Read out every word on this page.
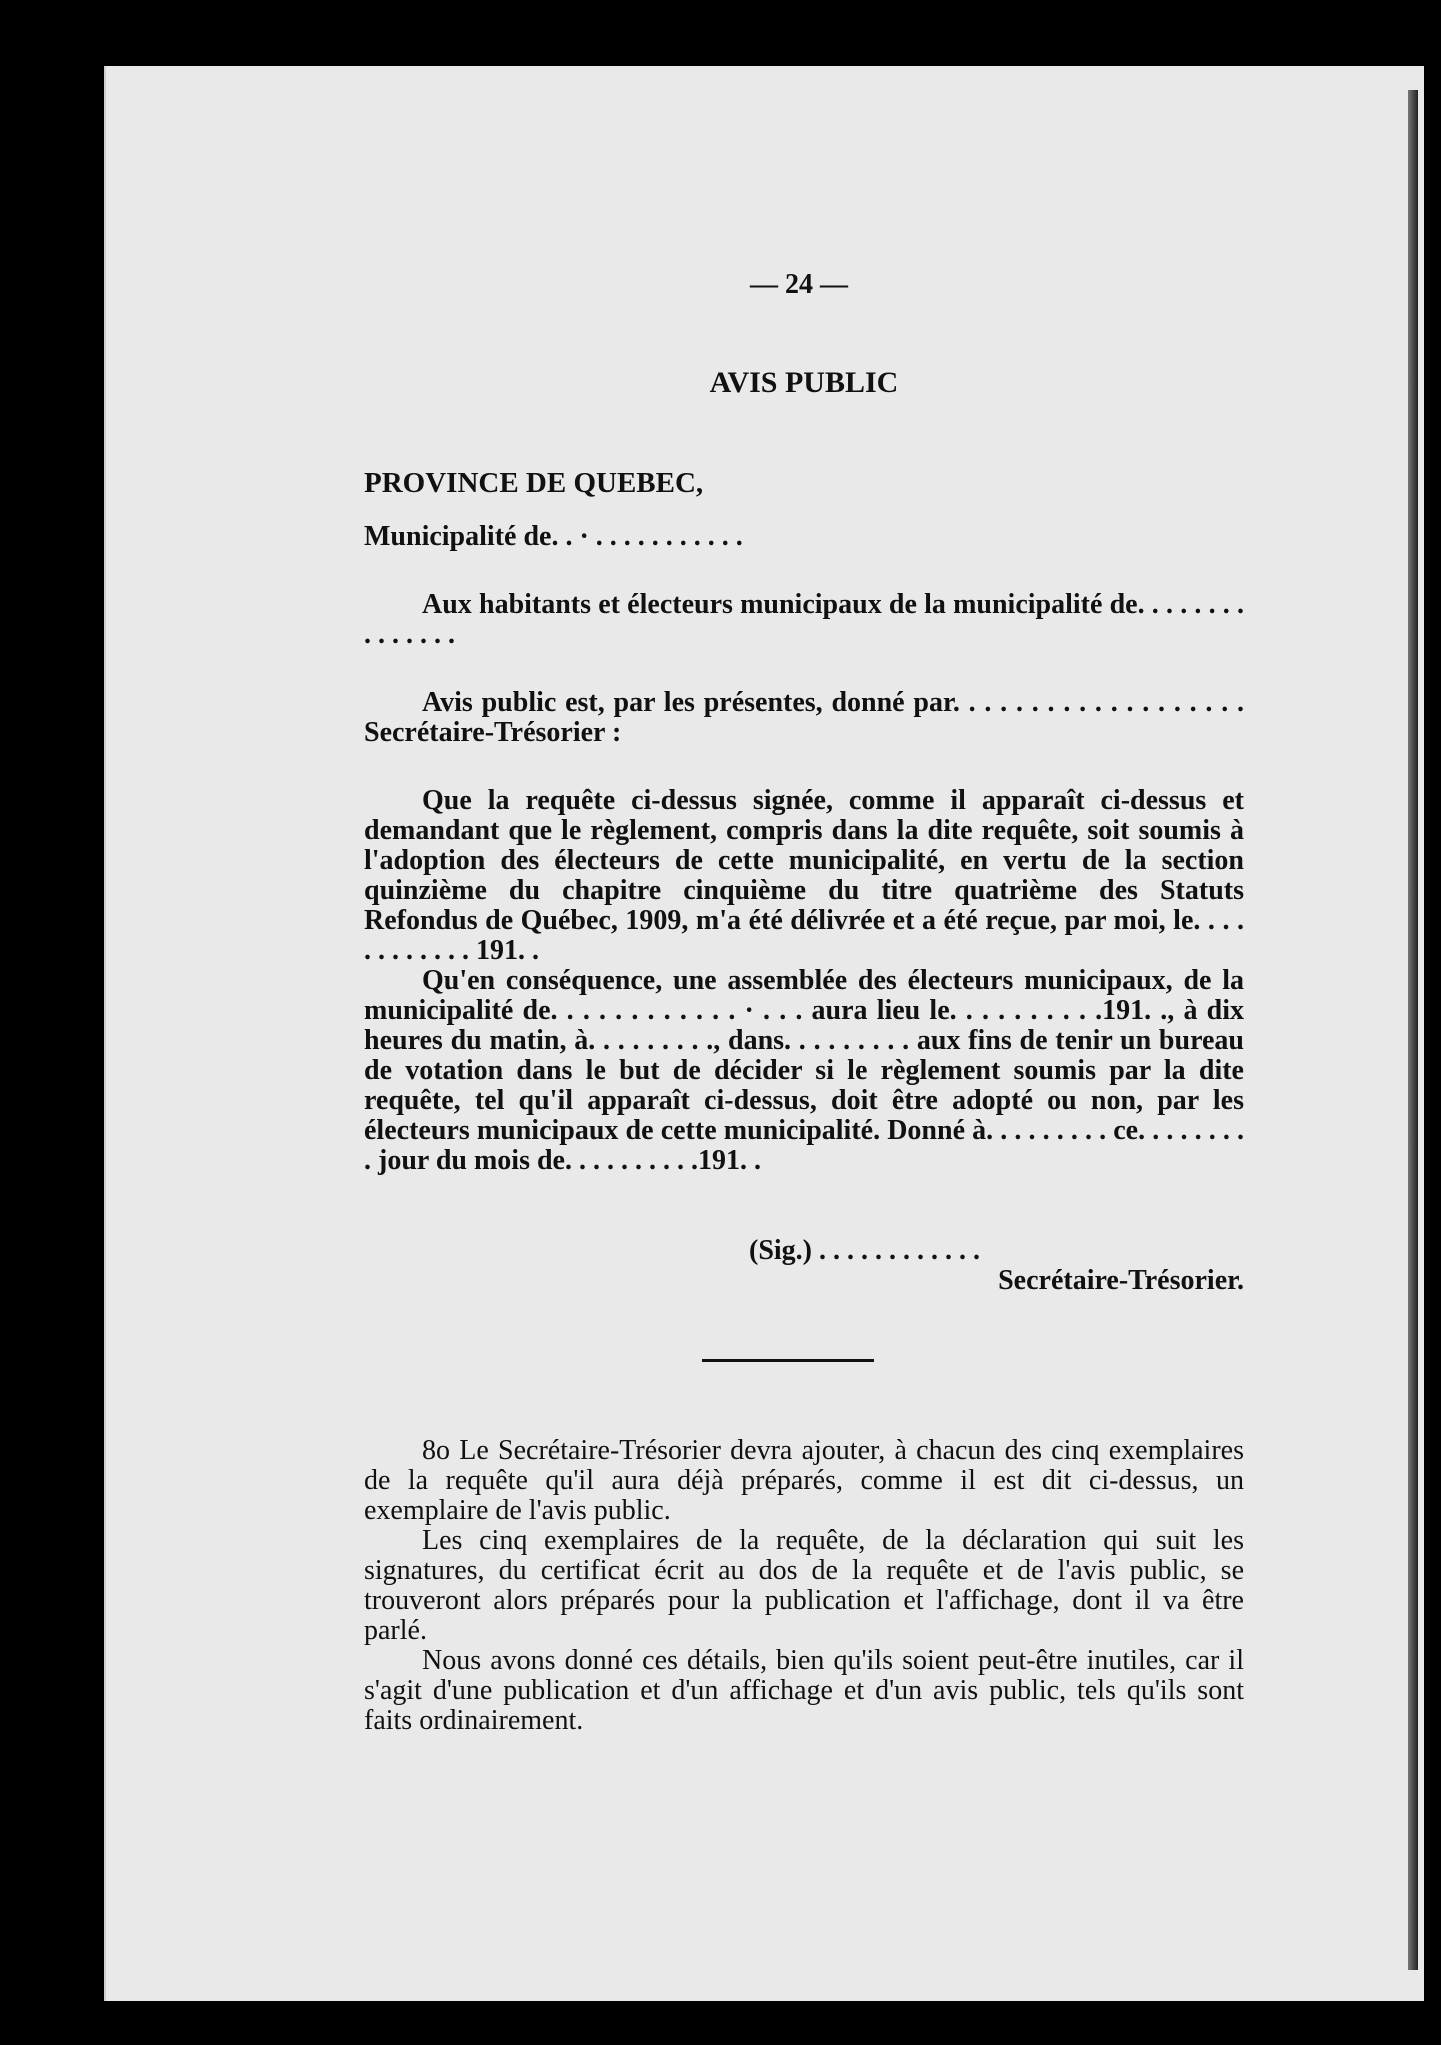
— 24 —
AVIS PUBLIC
PROVINCE DE QUEBEC,
Municipalité de. . · . . . . . . . . . . .

Aux habitants et électeurs municipaux de la municipalité de. . . . . . . . . . . . . . .

Avis public est, par les présentes, donné par. . . . . . . . . . . . . . . . . . . Secrétaire-Trésorier :

Que la requête ci-dessus signée, comme il apparaît ci-dessus et demandant que le règlement, compris dans la dite requête, soit soumis à l'adoption des électeurs de cette municipalité, en vertu de la section quinzième du chapitre cinquième du titre quatrième des Statuts Refondus de Québec, 1909, m'a été délivrée et a été reçue, par moi, le. . . . . . . . . . . . 191. .

Qu'en conséquence, une assemblée des électeurs municipaux, de la municipalité de. . . . . . . . . . . . · . . . aura lieu le. . . . . . . . . .191. ., à dix heures du matin, à. . . . . . . . ., dans. . . . . . . . . aux fins de tenir un bureau de votation dans le but de décider si le règlement soumis par la dite requête, tel qu'il apparaît ci-dessus, doit être adopté ou non, par les électeurs municipaux de cette municipalité. Donné à. . . . . . . . . ce. . . . . . . . . jour du mois de. . . . . . . . . .191. .

(Sig.) . . . . . . . . . . . .
Secrétaire-Trésorier.

8o Le Secrétaire-Trésorier devra ajouter, à chacun des cinq exemplaires de la requête qu'il aura déjà préparés, comme il est dit ci-dessus, un exemplaire de l'avis public.

Les cinq exemplaires de la requête, de la déclaration qui suit les signatures, du certificat écrit au dos de la requête et de l'avis public, se trouveront alors préparés pour la publication et l'affichage, dont il va être parlé.

Nous avons donné ces détails, bien qu'ils soient peut-être inutiles, car il s'agit d'une publication et d'un affichage et d'un avis public, tels qu'ils sont faits ordinairement.
